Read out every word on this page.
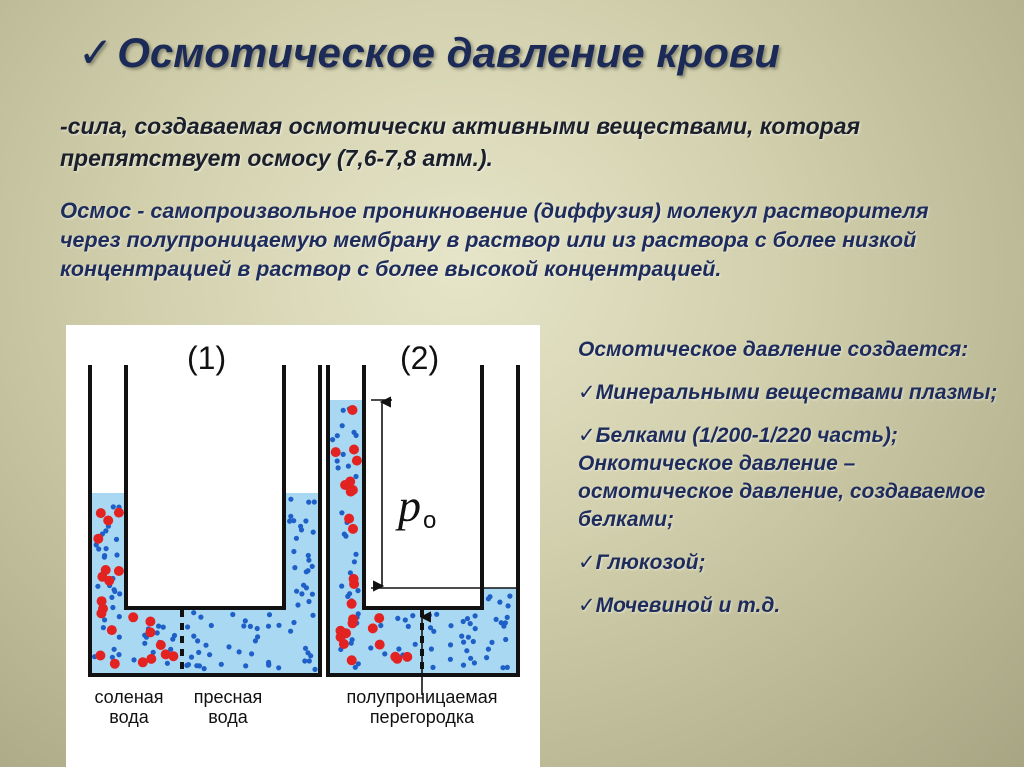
✓Осмотическое давление крови
-сила, создаваемая осмотически активными веществами, которая препятствует осмосу (7,6-7,8 атм.).
Осмос - самопроизвольное проникновение (диффузия) молекул растворителя через полупроницаемую мембрану в раствор или из раствора с более низкой концентрацией в раствор с более высокой концентрацией.
(1)	(2)
p o
соленая
вода
пресная
вода
полупроницаемая
перегородка

Осмотическое давление создается:

✓Минеральными веществами плазмы;

✓Белками (1/200-1/220 часть); Онкотическое давление – осмотическое давление, создаваемое белками;

✓Глюкозой;

✓Мочевиной и т.д.
